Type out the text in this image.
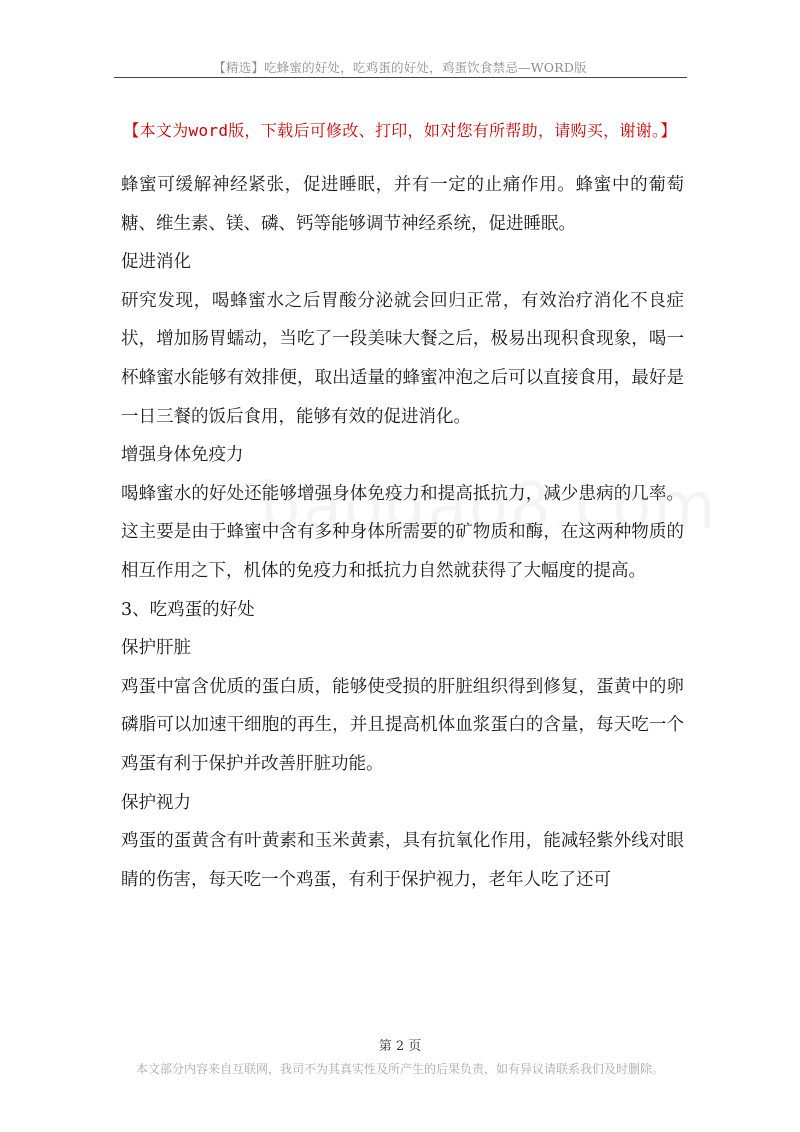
【精选】吃蜂蜜的好处，吃鸡蛋的好处，鸡蛋饮食禁忌—WORD版
【本文为word版，下载后可修改、打印，如对您有所帮助，请购买，谢谢。】

蜂蜜可缓解神经紧张，促进睡眠，并有一定的止痛作用。蜂蜜中的葡萄糖、维生素、镁、磷、钙等能够调节神经系统，促进睡眠。

促进消化

研究发现，喝蜂蜜水之后胃酸分泌就会回归正常，有效治疗消化不良症状，增加肠胃蠕动，当吃了一段美味大餐之后，极易出现积食现象，喝一杯蜂蜜水能够有效排便，取出适量的蜂蜜冲泡之后可以直接食用，最好是一日三餐的饭后食用，能够有效的促进消化。

增强身体免疫力

喝蜂蜜水的好处还能够增强身体免疫力和提高抵抗力，减少患病的几率。这主要是由于蜂蜜中含有多种身体所需要的矿物质和酶，在这两种物质的相互作用之下，机体的免疫力和抵抗力自然就获得了大幅度的提高。

3、吃鸡蛋的好处

保护肝脏

鸡蛋中富含优质的蛋白质，能够使受损的肝脏组织得到修复，蛋黄中的卵磷脂可以加速干细胞的再生，并且提高机体血浆蛋白的含量，每天吃一个鸡蛋有利于保护并改善肝脏功能。

保护视力

鸡蛋的蛋黄含有叶黄素和玉米黄素，具有抗氧化作用，能减轻紫外线对眼睛的伤害，每天吃一个鸡蛋，有利于保护视力，老年人吃了还可

第 2 页
本文部分内容来自互联网，我司不为其真实性及所产生的后果负责，如有异议请联系我们及时删除。
